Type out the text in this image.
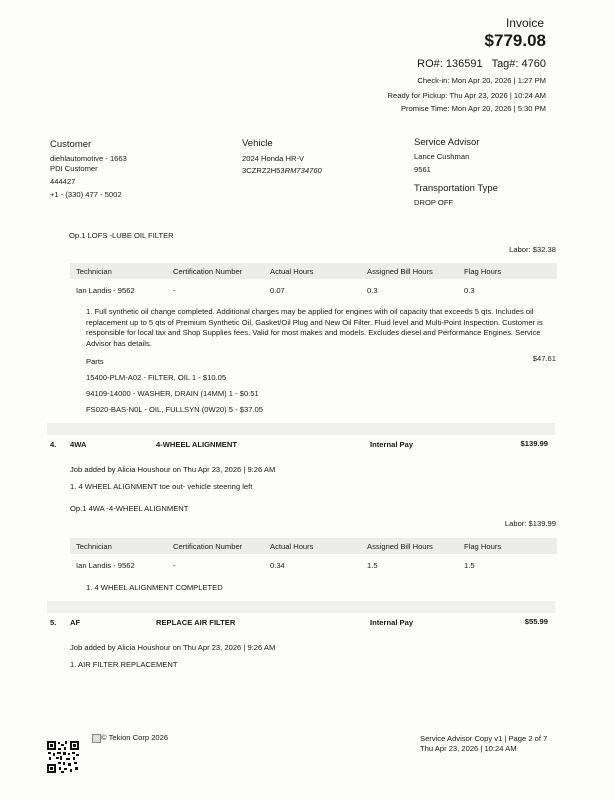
Invoice
$779.08
RO#: 136591 Tag#: 4760
Check-in: Mon Apr 20, 2026 | 1:27 PM
Ready for Pickup: Thu Apr 23, 2026 | 10:24 AM
Promise Time: Mon Apr 20, 2026 | 5:30 PM
Customer
diehlautomotive - 1663
PDI Customer
444427
+1 - (330) 477 - 5002
Vehicle
2024 Honda HR-V
3CZRZ2H53RM734760
Service Advisor
Lance Cushman
9561
Transportation Type
DROP OFF
Op.1 LOFS -LUBE OIL FILTER
Labor: $32.38
Technician	Certification Number	Actual Hours	Assigned Bill Hours	Flag Hours
Ian Landis - 9562	-	0.07	0.3	0.3
1. Full synthetic oil change completed. Additional charges may be applied for engines with oil capacity that exceeds 5 qts. Includes oil replacement up to 5 qts of Premium Synthetic Oil, Gasket/Oil Plug and New Oil Filter. Fluid level and Multi-Point Inspection. Customer is responsible for local tax and Shop Supplies fees. Valid for most makes and models. Excludes diesel and Performance Engines. Service Advisor has details.
Parts	$47.61
15400-PLM-A02 - FILTER, OIL 1 - $10.05
94109-14000 - WASHER, DRAIN (14MM) 1 - $0.51
FS020-BAS-N0L - OIL, FULLSYN (0W20) 5 - $37.05
4. 4WA	4-WHEEL ALIGNMENT	Internal Pay	$139.99
Job added by Alicia Houshour on Thu Apr 23, 2026 | 9:26 AM
1. 4 WHEEL ALIGNMENT toe out- vehicle steering left
Op.1 4WA -4-WHEEL ALIGNMENT
Labor: $139.99
Technician	Certification Number	Actual Hours	Assigned Bill Hours	Flag Hours
Ian Landis - 9562	-	0.34	1.5	1.5
1. 4 WHEEL ALIGNMENT COMPLETED
5. AF	REPLACE AIR FILTER	Internal Pay	$55.99
Job added by Alicia Houshour on Thu Apr 23, 2026 | 9:26 AM
1. AIR FILTER REPLACEMENT
© Tekion Corp 2026	Service Advisor Copy v1 | Page 2 of 7
Thu Apr 23, 2026 | 10:24 AM
